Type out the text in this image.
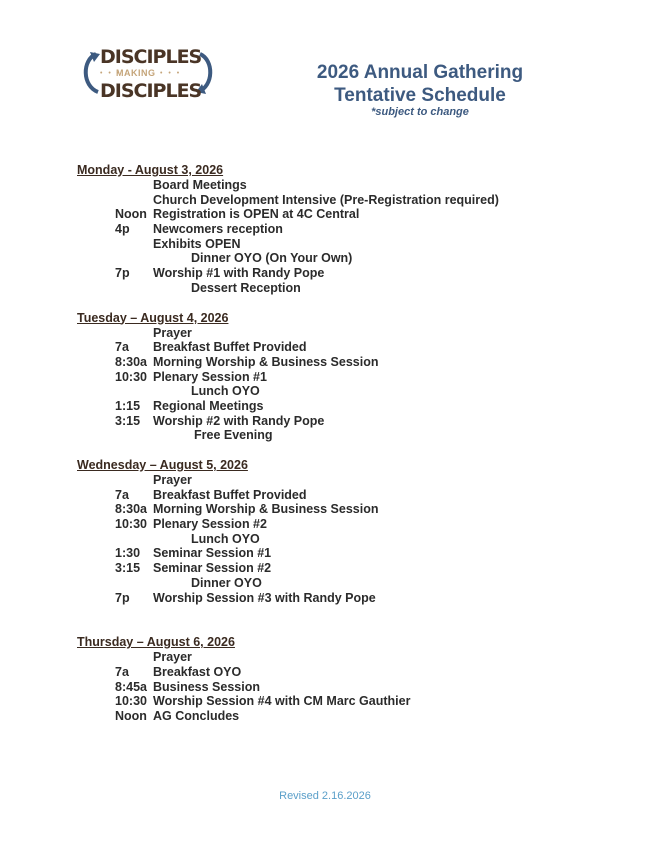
DISCIPLES
• • •
MAKING • • •
DISCIPLES
2026 Annual Gathering
Tentative Schedule
*subject to change
Monday - August 3, 2026
Board Meetings
Church Development Intensive (Pre-Registration required)
Noon Registration is OPEN at 4C Central
4p Newcomers reception
Exhibits OPEN
Dinner OYO (On Your Own)
7p Worship #1 with Randy Pope
Dessert Reception
Tuesday – August 4, 2026
Prayer
7a Breakfast Buffet Provided
8:30a Morning Worship & Business Session
10:30 Plenary Session #1
Lunch OYO
1:15 Regional Meetings
3:15 Worship #2 with Randy Pope
Free Evening
Wednesday – August 5, 2026
Prayer
7a Breakfast Buffet Provided
8:30a Morning Worship & Business Session
10:30 Plenary Session #2
Lunch OYO
1:30 Seminar Session #1
3:15 Seminar Session #2
Dinner OYO
7p Worship Session #3 with Randy Pope
Thursday – August 6, 2026
Prayer
7a Breakfast OYO
8:45a Business Session
10:30 Worship Session #4 with CM Marc Gauthier
Noon AG Concludes
Revised 2.16.2026
